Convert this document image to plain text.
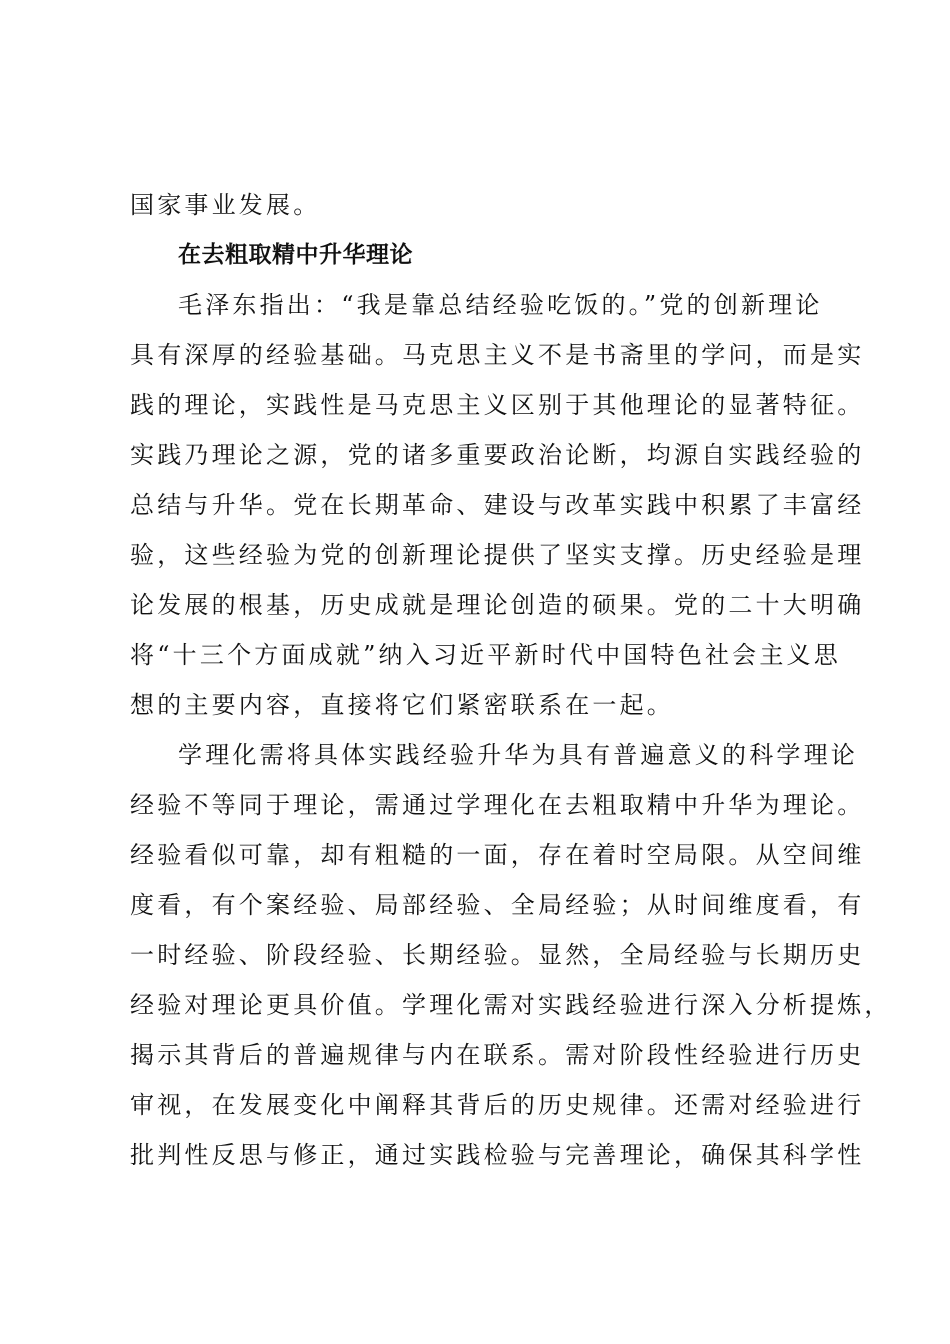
国家事业发展。
在去粗取精中升华理论
毛泽东指出：“我是靠总结经验吃饭的。”党的创新理论
具有深厚的经验基础。马克思主义不是书斋里的学问，而是实
践的理论，实践性是马克思主义区别于其他理论的显著特征。
实践乃理论之源，党的诸多重要政治论断，均源自实践经验的
总结与升华。党在长期革命、建设与改革实践中积累了丰富经
验，这些经验为党的创新理论提供了坚实支撑。历史经验是理
论发展的根基，历史成就是理论创造的硕果。党的二十大明确
将“十三个方面成就”纳入习近平新时代中国特色社会主义思
想的主要内容，直接将它们紧密联系在一起。
学理化需将具体实践经验升华为具有普遍意义的科学理论
经验不等同于理论，需通过学理化在去粗取精中升华为理论。
经验看似可靠，却有粗糙的一面，存在着时空局限。从空间维
度看，有个案经验、局部经验、全局经验；从时间维度看，有
一时经验、阶段经验、长期经验。显然，全局经验与长期历史
经验对理论更具价值。学理化需对实践经验进行深入分析提炼，
揭示其背后的普遍规律与内在联系。需对阶段性经验进行历史
审视，在发展变化中阐释其背后的历史规律。还需对经验进行
批判性反思与修正，通过实践检验与完善理论，确保其科学性
